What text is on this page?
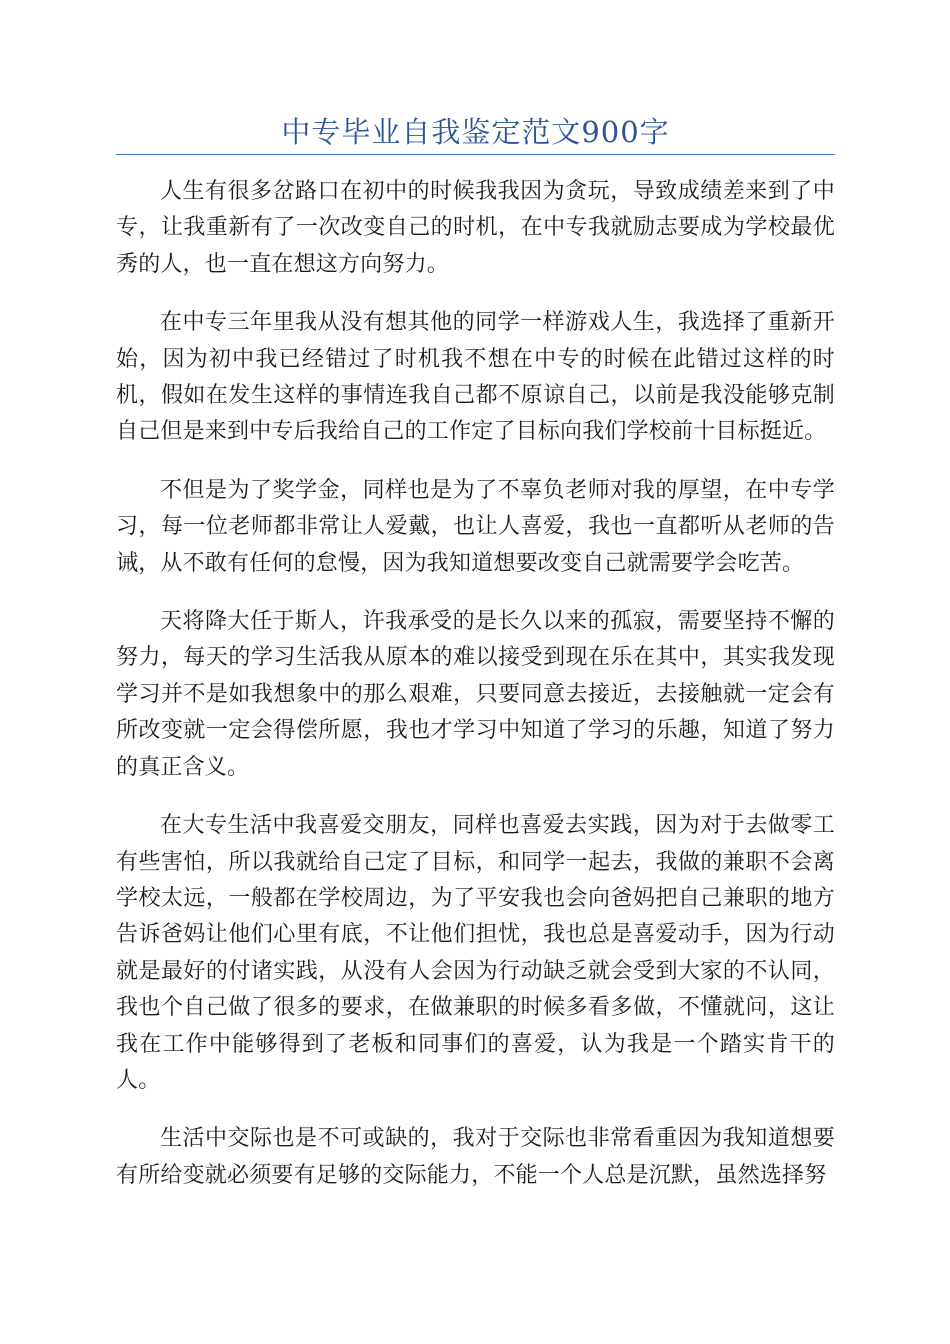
中专毕业自我鉴定范文900字

人生有很多岔路口在初中的时候我我因为贪玩，导致成绩差来到了中专，让我重新有了一次改变自己的时机，在中专我就励志要成为学校最优秀的人，也一直在想这方向努力。

在中专三年里我从没有想其他的同学一样游戏人生，我选择了重新开始，因为初中我已经错过了时机我不想在中专的时候在此错过这样的时机，假如在发生这样的事情连我自己都不原谅自己，以前是我没能够克制自己但是来到中专后我给自己的工作定了目标向我们学校前十目标挺近。

不但是为了奖学金，同样也是为了不辜负老师对我的厚望，在中专学习，每一位老师都非常让人爱戴，也让人喜爱，我也一直都听从老师的告诫，从不敢有任何的怠慢，因为我知道想要改变自己就需要学会吃苦。

天将降大任于斯人，许我承受的是长久以来的孤寂，需要坚持不懈的努力，每天的学习生活我从原本的难以接受到现在乐在其中，其实我发现学习并不是如我想象中的那么艰难，只要同意去接近，去接触就一定会有所改变就一定会得偿所愿，我也才学习中知道了学习的乐趣，知道了努力的真正含义。

在大专生活中我喜爱交朋友，同样也喜爱去实践，因为对于去做零工有些害怕，所以我就给自己定了目标，和同学一起去，我做的兼职不会离学校太远，一般都在学校周边，为了平安我也会向爸妈把自己兼职的地方告诉爸妈让他们心里有底，不让他们担忧，我也总是喜爱动手，因为行动就是最好的付诸实践，从没有人会因为行动缺乏就会受到大家的不认同，我也个自己做了很多的要求，在做兼职的时候多看多做，不懂就问，这让我在工作中能够得到了老板和同事们的喜爱，认为我是一个踏实肯干的人。

生活中交际也是不可或缺的，我对于交际也非常看重因为我知道想要有所给变就必须要有足够的交际能力，不能一个人总是沉默，虽然选择努
